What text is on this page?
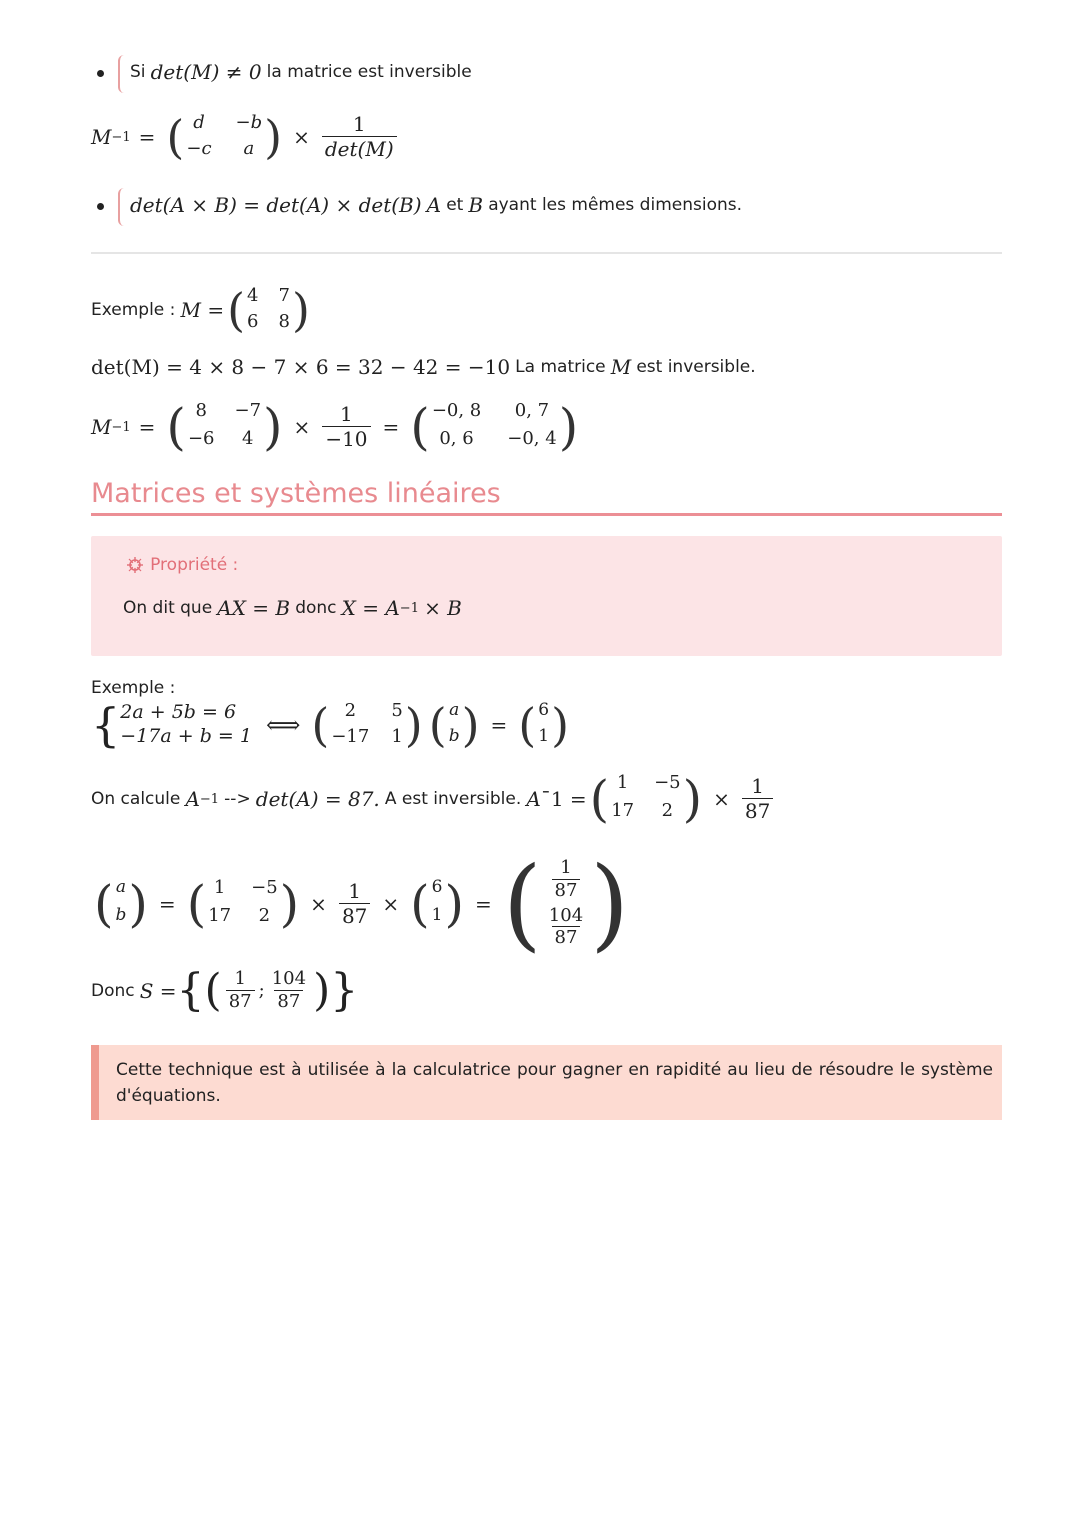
Si
det(M) ≠ 0
la matrice est inversible
M −1 = ( d	−b
−c	a ) × $\frac{1}{\det(M)}$
det(A × B) = det(A) × det(B)
A
et
B
ayant les mêmes dimensions.
Exemple :
M = ( 4 7
6 8 )
det(M) = 4 × 8 − 7 × 6 = 32 − 42 = −10
La matrice
M
est inversible.
M −1 = ( 8	−7
−6	4 ) × $\frac{1}{-10}$ = ( −0, 8	0, 7
0, 6	−0, 4 )
Matrices et systèmes linéaires

Propriété :
On dit que
AX = B
donc
X = A −1
× B
Exemple :
{ 2a + 5b = 6
−17a + b = 1 ⟺ ( 2	5
−17 1 ) ( a
b ) = ( 6
1 )
On calcule
A −1
-->
det(A) = 87.
A est inversible.
A ¯1 = ( 1	−5
17	2 ) × $\frac{1}{87}$
( a
b ) = ( 1	−5
17	2 ) × $\frac{1}{87}$ × ( 6
1 ) = ( $\frac{1}{87}$
$\frac{104}{87}$ )
Donc
S = { ( $\frac{1}{87}$ ; $\frac{104}{87}$ ) }
Cette technique est à utilisée à la calculatrice pour gagner en rapidité au lieu de résoudre le système d'équations.
